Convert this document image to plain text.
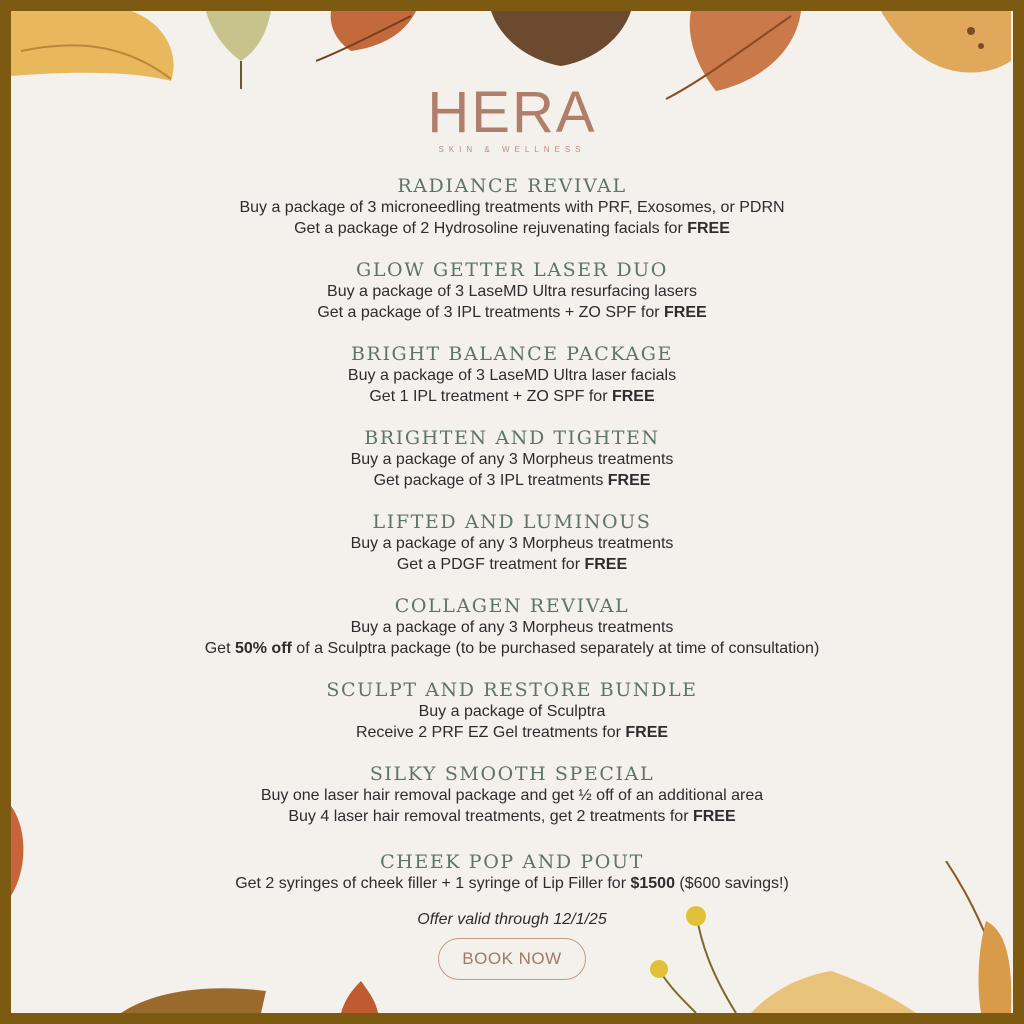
HERA
SKIN & WELLNESS
RADIANCE REVIVAL
Buy a package of 3 microneedling treatments with PRF, Exosomes, or PDRN
Get a package of 2 Hydrosoline rejuvenating facials for FREE
GLOW GETTER LASER DUO
Buy a package of 3 LaseMD Ultra resurfacing lasers
Get a package of 3 IPL treatments + ZO SPF for FREE
BRIGHT BALANCE PACKAGE
Buy a package of 3 LaseMD Ultra laser facials
Get 1 IPL treatment + ZO SPF for FREE
BRIGHTEN AND TIGHTEN
Buy a package of any 3 Morpheus treatments
Get package of 3 IPL treatments FREE
LIFTED AND LUMINOUS
Buy a package of any 3 Morpheus treatments
Get a PDGF treatment for FREE
COLLAGEN REVIVAL
Buy a package of any 3 Morpheus treatments
Get 50% off of a Sculptra package (to be purchased separately at time of consultation)
SCULPT AND RESTORE BUNDLE
Buy a package of Sculptra
Receive 2 PRF EZ Gel treatments for FREE
SILKY SMOOTH SPECIAL
Buy one laser hair removal package and get ½ off of an additional area
Buy 4 laser hair removal treatments, get 2 treatments for FREE
CHEEK POP AND POUT
Get 2 syringes of cheek filler + 1 syringe of Lip Filler for $1500 ($600 savings!)
Offer valid through 12/1/25
BOOK NOW
